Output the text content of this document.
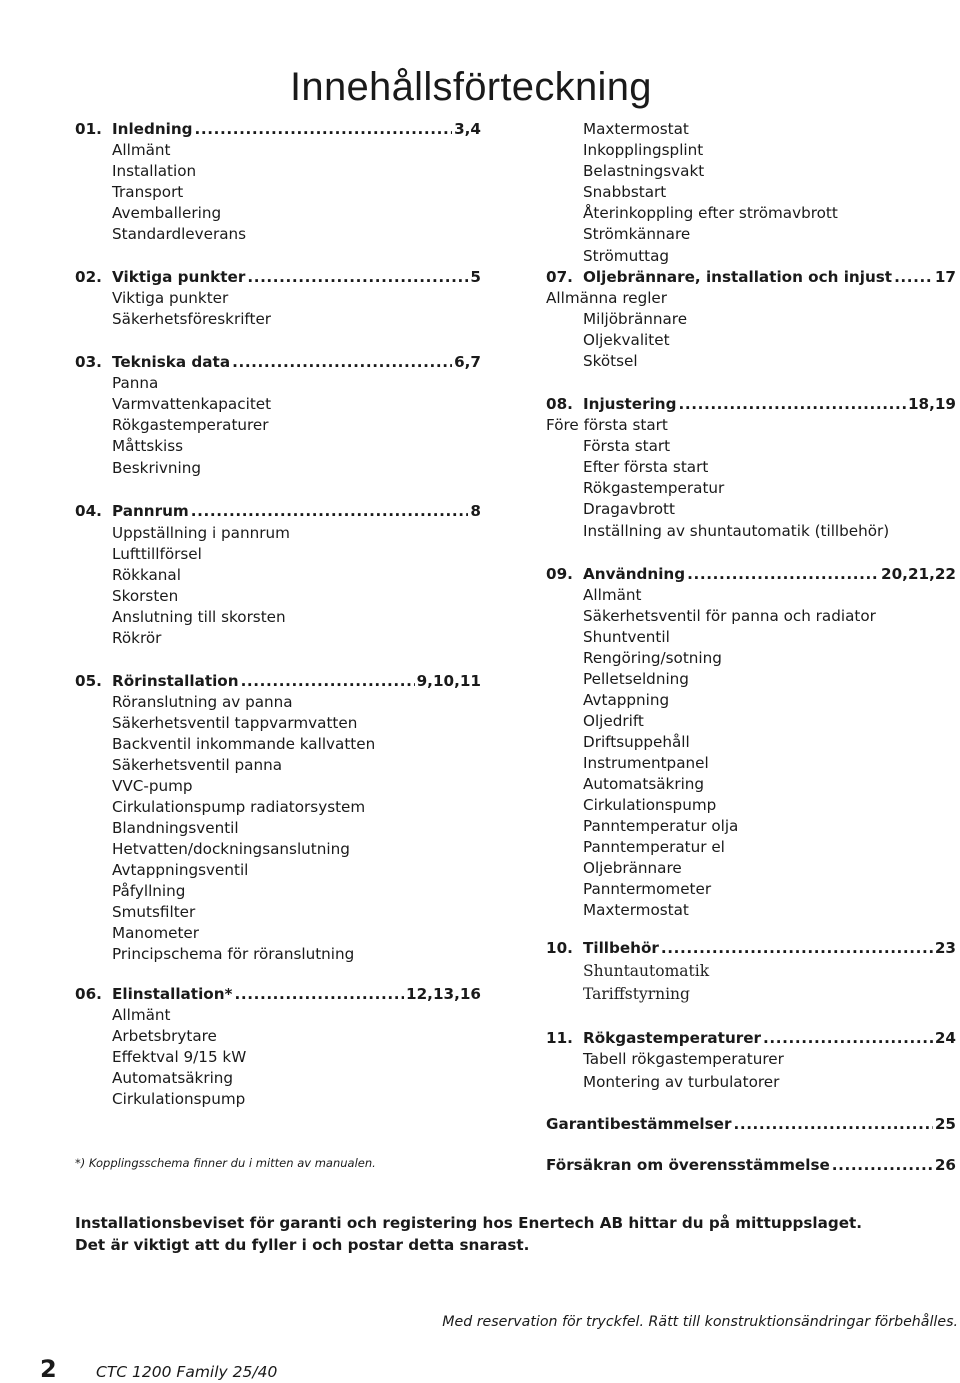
Innehållsförteckning
01. Inledning .....	3,4
Allmänt
Installation
Transport
Avemballering
Standardleverans
02. Viktiga punkter .....	5
Viktiga punkter
Säkerhetsföreskrifter
03. Tekniska data .....	6,7
Panna
Varmvattenkapacitet
Rökgastemperaturer
Måttskiss
Beskrivning
04. Pannrum .....	8
Uppställning i pannrum
Lufttillförsel
Rökkanal
Skorsten
Anslutning till skorsten
Rökrör
05. Rörinstallation .....	9,10,11
Röranslutning av panna
Säkerhetsventil tappvarmvatten
Backventil inkommande kallvatten
Säkerhetsventil panna
VVC-pump
Cirkulationspump radiatorsystem
Blandningsventil
Hetvatten/dockningsanslutning
Avtappningsventil
Påfyllning
Smutsfilter
Manometer
Principschema för röranslutning
06. Elinstallation* .....	12,13,16
Allmänt
Arbetsbrytare
Effektval 9/15 kW
Automatsäkring
Cirkulationspump
Maxtermostat
Inkopplingsplint
Belastningsvakt
Snabbstart
Återinkoppling efter strömavbrott
Strömkännare
Strömuttag
07. Oljebrännare, installation och injust .....	17
Allmänna regler
Miljöbrännare
Oljekvalitet
Skötsel
08. Injustering .....	18,19
Före första start
Första start
Efter första start
Rökgastemperatur
Dragavbrott
Inställning av shuntautomatik (tillbehör)
09. Användning .....	20,21,22
Allmänt
Säkerhetsventil för panna och radiator
Shuntventil
Rengöring/sotning
Pelletseldning
Avtappning
Oljedrift
Driftsuppehåll
Instrumentpanel
Automatsäkring
Cirkulationspump
Panntemperatur olja
Panntemperatur el
Oljebrännare
Panntermometer
Maxtermostat
10. Tillbehör .....	23
Shuntautomatik
Tariffstyrning
11. Rökgastemperaturer .....	24
Tabell rökgastemperaturer
Montering av turbulatorer
Garantibestämmelser .....	25
Försäkran om överensstämmelse .....	26
*) Kopplingsschema finner du i mitten av manualen.
Installationsbeviset för garanti och registering hos Enertech AB hittar du på mittuppslaget.
Det är viktigt att du fyller i och postar detta snarast.
Med reservation för tryckfel. Rätt till konstruktionsändringar förbehålles.
2	CTC 1200 Family 25/40
